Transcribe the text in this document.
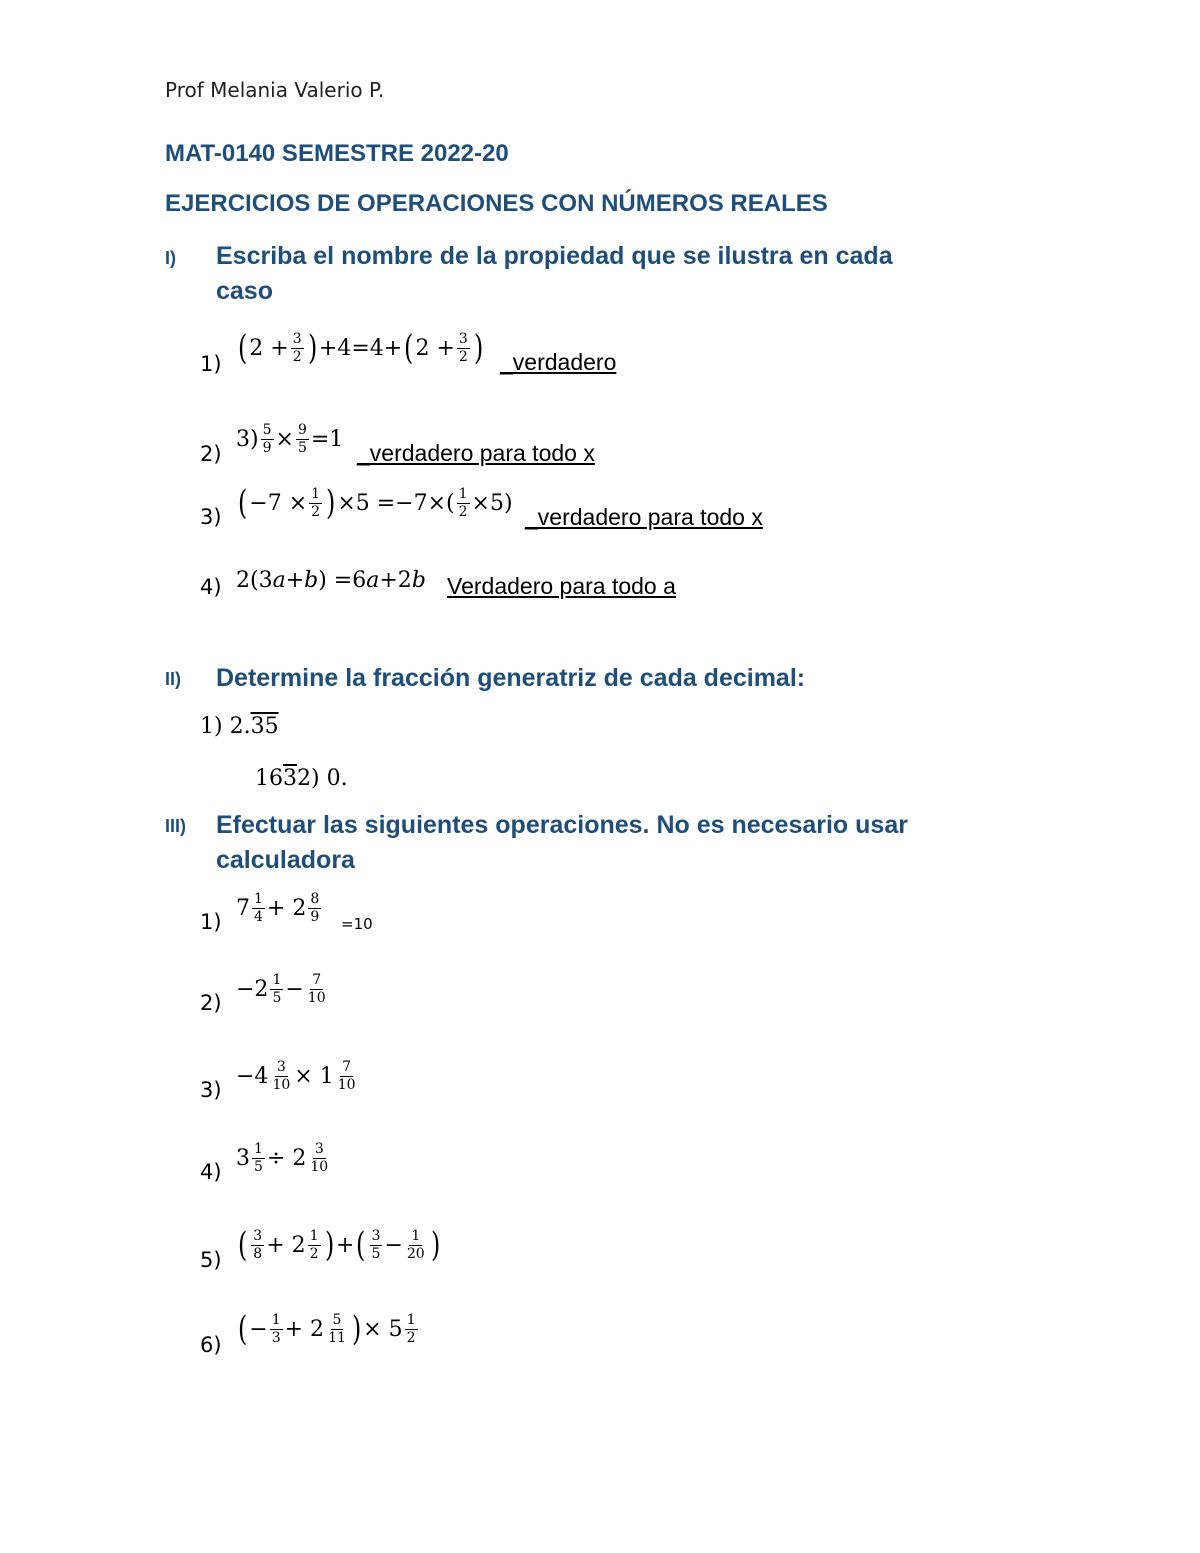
Prof Melania Valerio P.
MAT-0140 SEMESTRE 2022-20
EJERCICIOS DE OPERACIONES CON NÚMEROS REALES
I) Escriba el nombre de la propiedad que se ilustra en cada
caso
1) ( $2 + \frac{3}{2}$ ) +4=4+ ( $2 + \frac{3}{2}$ ) _verdadero
2)
$3) \frac{5}{9} \times \frac{9}{5} =1$
_verdadero para todo x
3) ( $-7 \times \frac{1}{2}$ ) $\times 5 =-7\times( \frac{1}{2} \times 5)$
_verdadero para todo x
4) 2(3 a + b ) =6 a +2 b Verdadero para todo a
II) Determine la fracción generatriz de cada decimal:
1) 2. 35
16 3 2) 0.
III) Efectuar las siguientes operaciones. No es necesario usar
calculadora
1)
$7 \frac{1}{4} + 2 \frac{8}{9} =10$
2)
$-2 \frac{1}{5} - \frac{7}{10}$
3)
$-4 \frac{3}{10} \times 1 \frac{7}{10}$
4)
$3 \frac{1}{5} \div 2 \frac{3}{10}$
5) ( $\frac{3}{8} + 2 \frac{1}{2}$ ) + ( $\frac{3}{5} - \frac{1}{20}$ )
6) ( − $\frac{1}{3} + 2 \frac{5}{11}$ ) × $5 \frac{1}{2}$
